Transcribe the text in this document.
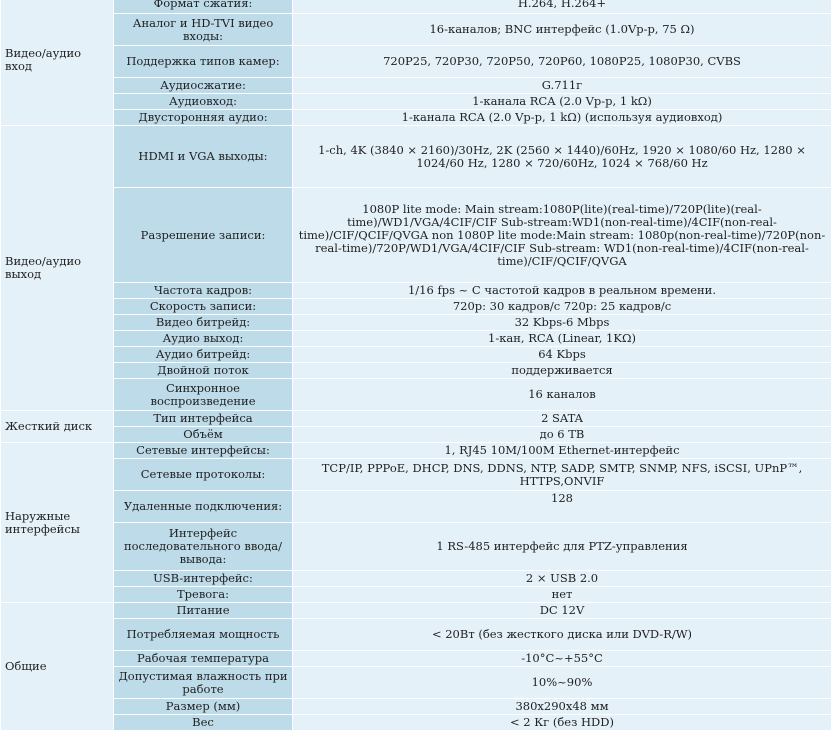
Видео/аудио вход	Формат сжатия:	H.264, H.264+
	Аналог и HD-TVI видео входы:	16-каналов; BNC интерфейс (1.0Vp-p, 75 Ω)
	Поддержка типов камер:	720P25, 720P30, 720P50, 720P60, 1080P25, 1080P30, CVBS
	Аудиосжатие:	G.711г
	Аудиовход:	1-канала RCA (2.0 Vp-p, 1 kΩ)
	Двусторонняя аудио:	1-канала RCA (2.0 Vp-p, 1 kΩ) (используя аудиовход)
Видео/аудио выход	HDMI и VGA выходы:	1-ch, 4K (3840 × 2160)/30Hz, 2K (2560 × 1440)/60Hz, 1920 × 1080/60 Hz, 1280 × 1024/60 Hz, 1280 × 720/60Hz, 1024 × 768/60 Hz
	Разрешение записи:	1080P lite mode: Main stream:1080P(lite)(real-time)/720P(lite)(real-time)/WD1/VGA/4CIF/CIF Sub-stream:WD1(non-real-time)/4CIF(non-real-time)/CIF/QCIF/QVGA non 1080P lite mode:Main stream: 1080p(non-real-time)/720P(non-real-time)/720P/WD1/VGA/4CIF/CIF Sub-stream: WD1(non-real-time)/4CIF(non-real-time)/CIF/QCIF/QVGA
	Частота кадров:	1/16 fps ~ С частотой кадров в реальном времени.
	Скорость записи:	720р: 30 кадров/с 720р: 25 кадров/с
	Видео битрейд:	32 Kbps-6 Mbps
	Аудио выход:	1-кан, RCA (Linear, 1KΩ)
	Аудио битрейд:	64 Kbps
	Двойной поток	поддерживается
	Синхронное воспроизведение	16 каналов
Жесткий диск	Тип интерфейса	2 SATA
	Объём	до 6 ТВ
Наружные интерфейсы	Сетевые интерфейсы:	1, RJ45 10M/100M Ethernet-интерфейс
	Сетевые протоколы:	TCP/IP, PPPoE, DHCP, DNS, DDNS, NTP, SADP, SMTP, SNMP, NFS, iSCSI, UPnP™, HTTPS,ONVIF
	Удаленные подключения:	128
	Интерфейс последовательного ввода/вывода:	1 RS-485 интерфейс для PTZ-управления
	USB-интерфейс:	2 × USB 2.0
	Тревога:	нет
Общие	Питание	DC 12V
	Потребляемая мощность	< 20Вт (без жесткого диска или DVD-R/W)
	Рабочая температура	-10°C~+55°C
	Допустимая влажность при работе	10%~90%
	Размер (мм)	380x290x48 мм
	Вес	< 2 Кг (без HDD)
